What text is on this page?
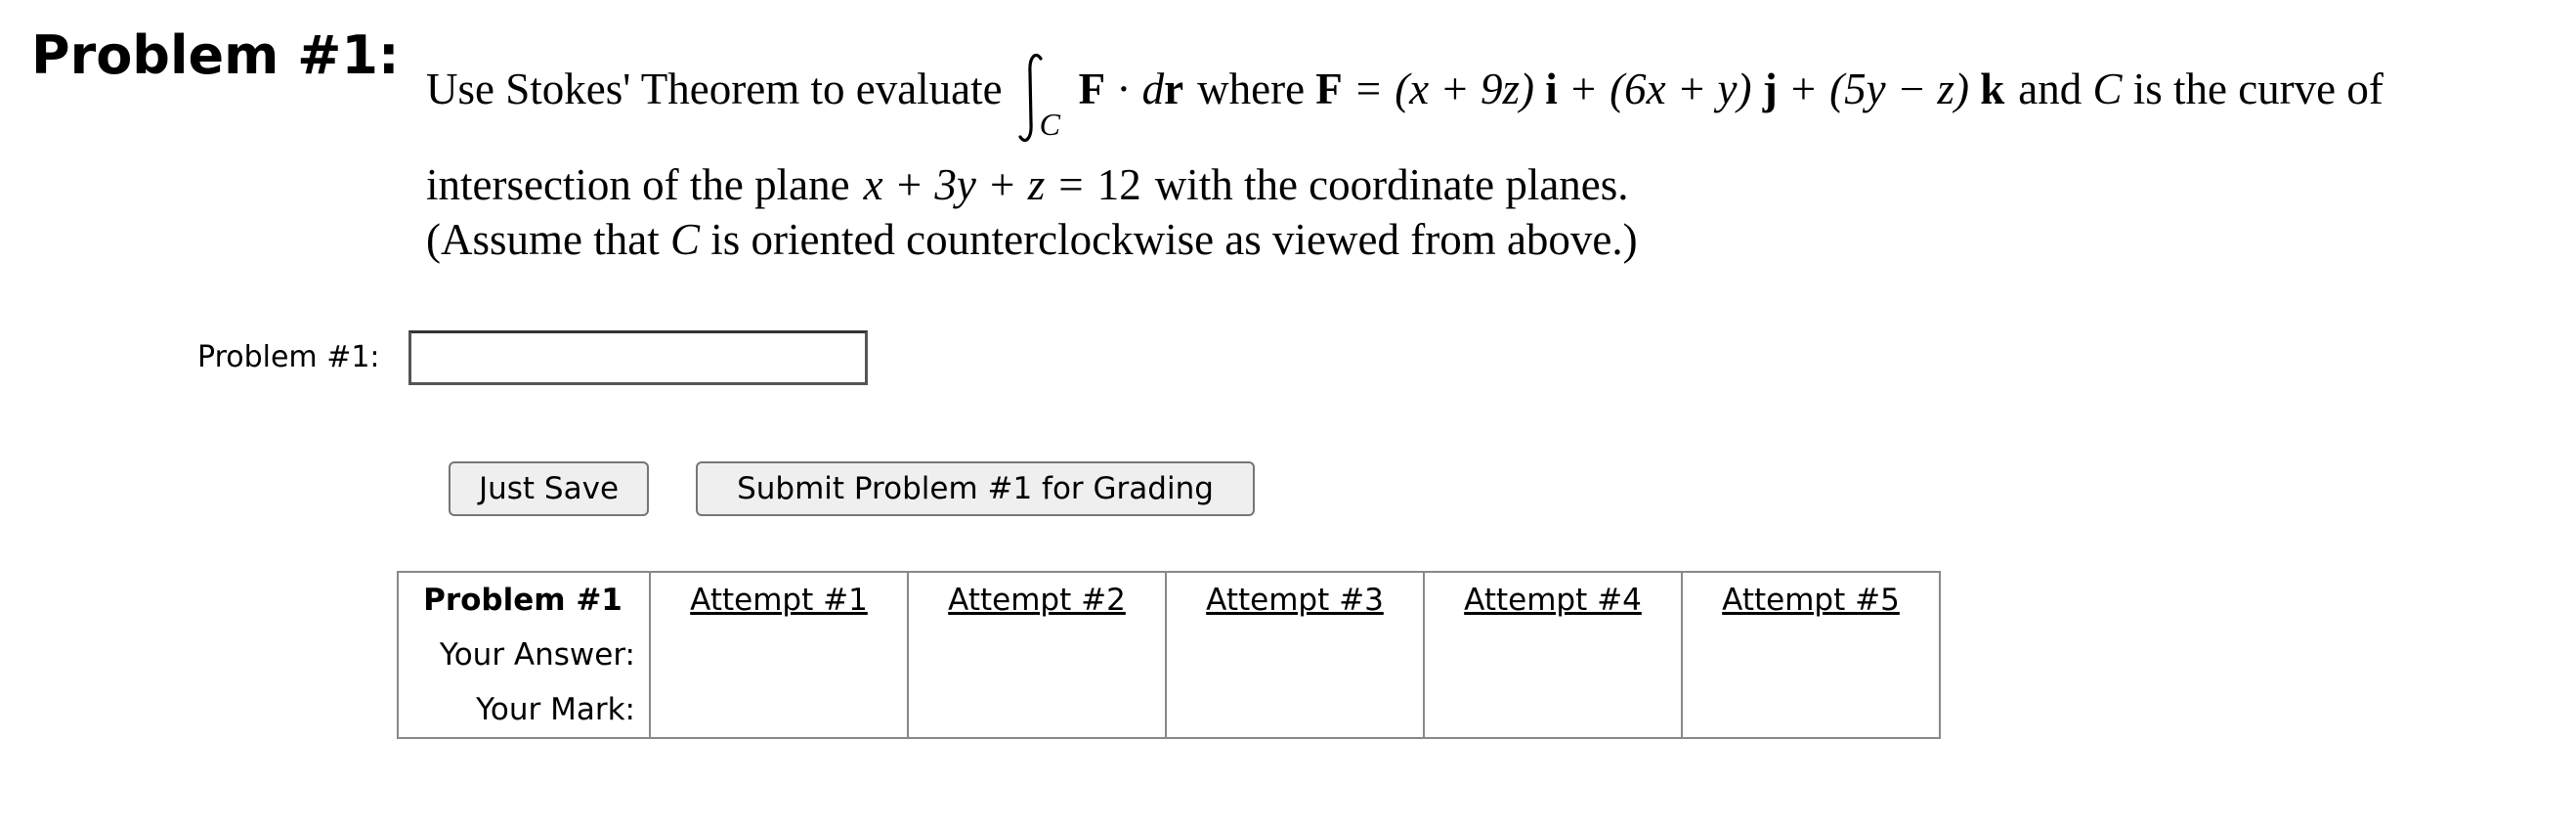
Problem #1:
Use Stokes' Theorem to evaluate
C
F · dr where F = (x + 9z) i + (6x + y) j + (5y − z) k and C is the curve of
intersection of the plane x + 3y + z = 12 with the coordinate planes.
(Assume that C is oriented counterclockwise as viewed from above.)
Problem #1:
Just Save	Submit Problem #1 for Grading
Problem #1	Attempt #1	Attempt #2	Attempt #3	Attempt #4	Attempt #5
Your Answer:					
Your Mark:					
